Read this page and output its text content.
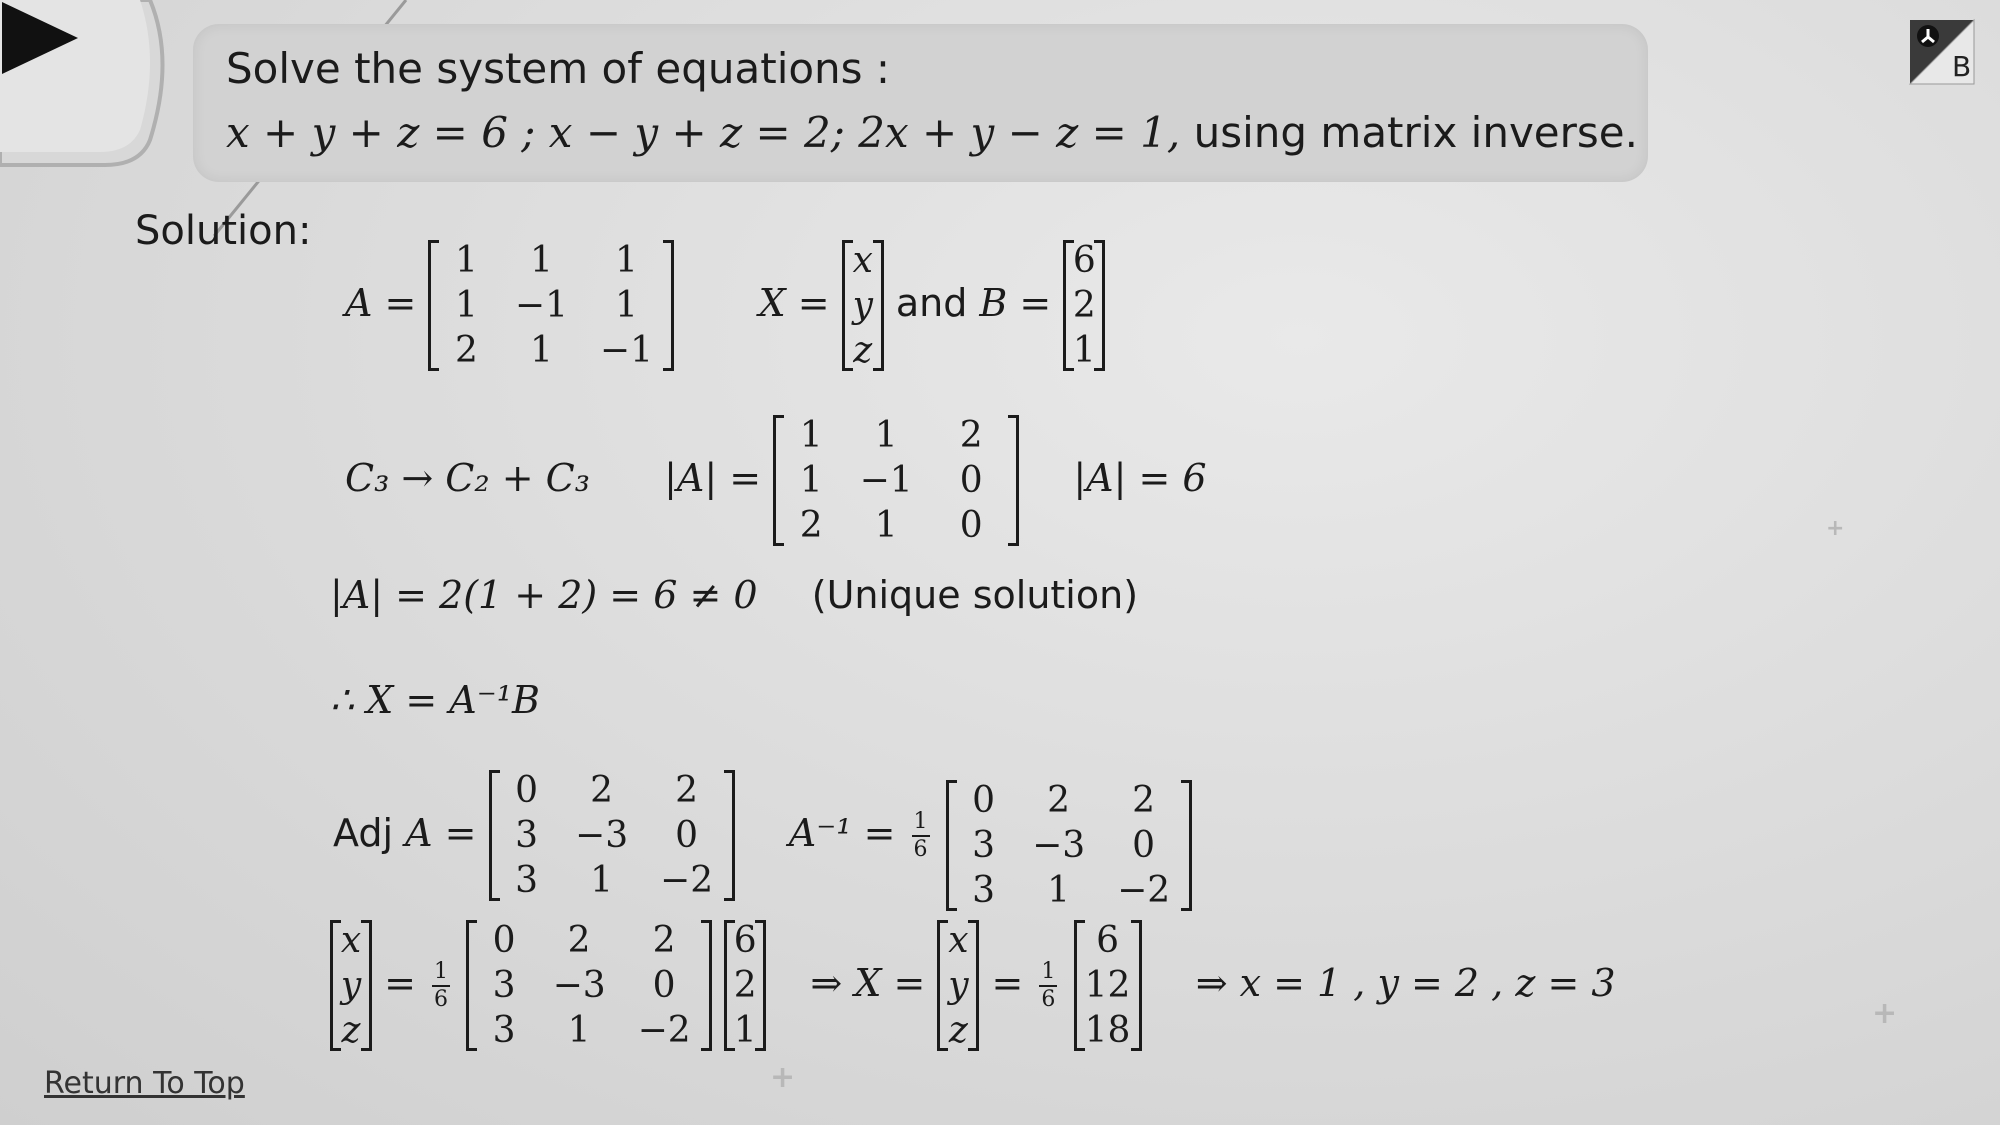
Solve the system of equations :
x + y + z = 6 ; x − y + z = 2; 2x + y − z = 1, using matrix inverse.
B
Solution:
A =
1	1	1
1	−1	1
2	1	−1
X =
x
y
z
and B =
6
2
1
C₃ → C₂ + C₃ |A| =
1	1	2
1	−1	0
2	1	0
|A| = 6
|A| = 2(1 + 2) = 6 ≠ 0 (Unique solution)
∴ X = A⁻¹B
Adj A =
0	2	2
3	−3	0
3	1	−2
$A^{-1} = \frac{1}{6}$

0	2	2
3	−3	0
3	1	−2
x
y
z
= $\frac{1}{6}$

0	2	2
3	−3	0
3	1	−2

6
2
1
⇒ X =
x
y
z
= $\frac{1}{6}$

6
12
18
⇒ x = 1 , y = 2 , z = 3
Return To Top
+
+
+
